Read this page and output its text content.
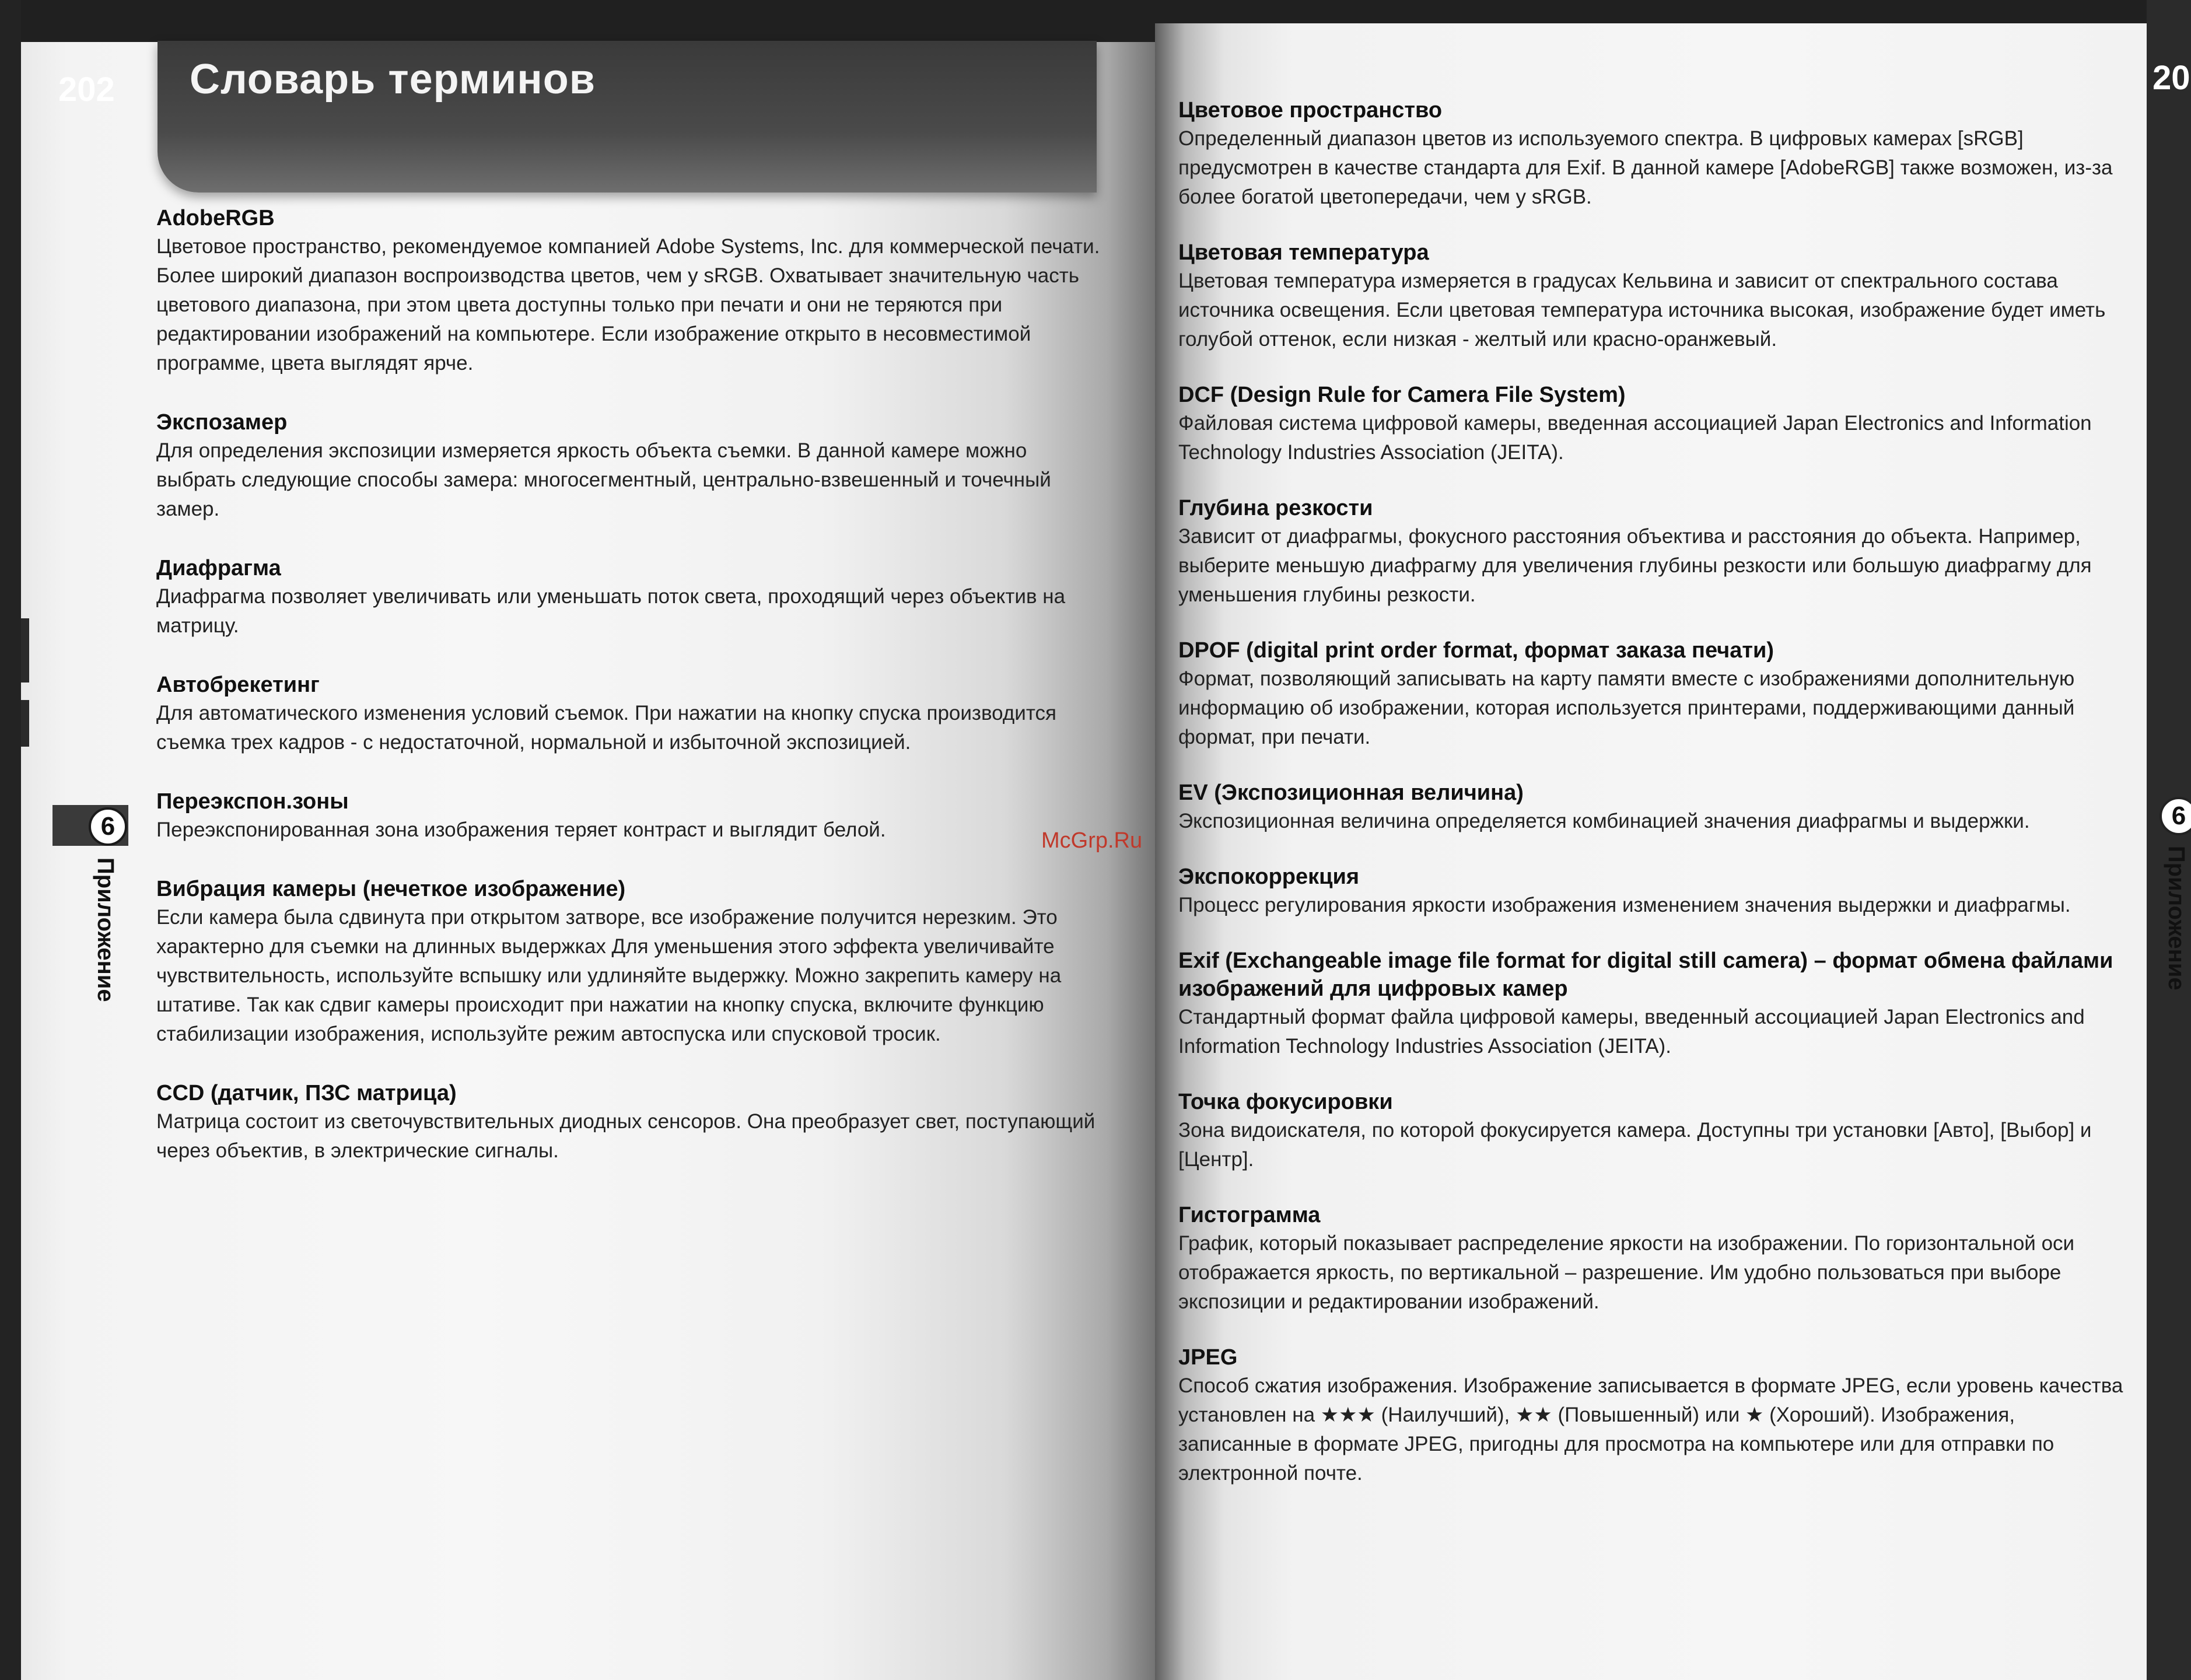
202	20
Словарь терминов
6
Приложение
6
Приложение
McGrp.Ru
AdobeRGB
Цветовое пространство, рекомендуемое компанией Adobe Systems, Inc. для коммерческой печати. Более широкий диапазон воспроизводства цветов, чем у sRGB. Охватывает значительную часть цветового диапазона, при этом цвета доступны только при печати и они не теряются при редактировании изображений на компьютере. Если изображение открыто в несовместимой программе, цвета выглядят ярче.
Экспозамер
Для определения экспозиции измеряется яркость объекта съемки. В данной камере можно выбрать следующие способы замера: многосегментный, центрально-взвешенный и точечный замер.
Диафрагма
Диафрагма позволяет увеличивать или уменьшать поток света, проходящий через объектив на матрицу.
Автобрекетинг
Для автоматического изменения условий съемок. При нажатии на кнопку спуска производится съемка трех кадров - с недостаточной, нормальной и избыточной экспозицией.
Переэкспон.зоны
Переэкспонированная зона изображения теряет контраст и выглядит белой.
Вибрация камеры (нечеткое изображение)
Если камера была сдвинута при открытом затворе, все изображение получится нерезким. Это характерно для съемки на длинных выдержках Для уменьшения этого эффекта увеличивайте чувствительность, используйте вспышку или удлиняйте выдержку. Можно закрепить камеру на штативе. Так как сдвиг камеры происходит при нажатии на кнопку спуска, включите функцию стабилизации изображения, используйте режим автоспуска или спусковой тросик.
CCD (датчик, ПЗС матрица)
Матрица состоит из светочувствительных диодных сенсоров. Она преобразует свет, поступающий через объектив, в электрические сигналы.
Цветовое пространство
Определенный диапазон цветов из используемого спектра. В цифровых камерах [sRGB] предусмотрен в качестве стандарта для Exif. В данной камере [AdobeRGB] также возможен, из-за более богатой цветопередачи, чем у sRGB.
Цветовая температура
Цветовая температура измеряется в градусах Кельвина и зависит от спектрального состава источника освещения. Если цветовая температура источника высокая, изображение будет иметь голубой оттенок, если низкая - желтый или красно-оранжевый.
DCF (Design Rule for Camera File System)
Файловая система цифровой камеры, введенная ассоциацией Japan Electronics and Information Technology Industries Association (JEITA).
Глубина резкости
Зависит от диафрагмы, фокусного расстояния объектива и расстояния до объекта. Например, выберите меньшую диафрагму для увеличения глубины резкости или большую диафрагму для уменьшения глубины резкости.
DPOF (digital print order format, формат заказа печати)
Формат, позволяющий записывать на карту памяти вместе с изображениями дополнительную информацию об изображении, которая используется принтерами, поддерживающими данный формат, при печати.
EV (Экспозиционная величина)
Экспозиционная величина определяется комбинацией значения диафрагмы и выдержки.
Экспокоррекция
Процесс регулирования яркости изображения изменением значения выдержки и диафрагмы.
Exif (Exchangeable image file format for digital still camera) – формат обмена файлами изображений для цифровых камер
Стандартный формат файла цифровой камеры, введенный ассоциацией Japan Electronics and Information Technology Industries Association (JEITA).
Точка фокусировки
Зона видоискателя, по которой фокусируется камера. Доступны три установки [Авто], [Выбор] и [Центр].
Гистограмма
График, который показывает распределение яркости на изображении. По горизонтальной оси отображается яркость, по вертикальной – разрешение. Им удобно пользоваться при выборе экспозиции и редактировании изображений.
JPEG
Способ сжатия изображения. Изображение записывается в формате JPEG, если уровень качества установлен на ★★★ (Наилучший), ★★ (Повышенный) или ★ (Хороший). Изображения, записанные в формате JPEG, пригодны для просмотра на компьютере или для отправки по электронной почте.
